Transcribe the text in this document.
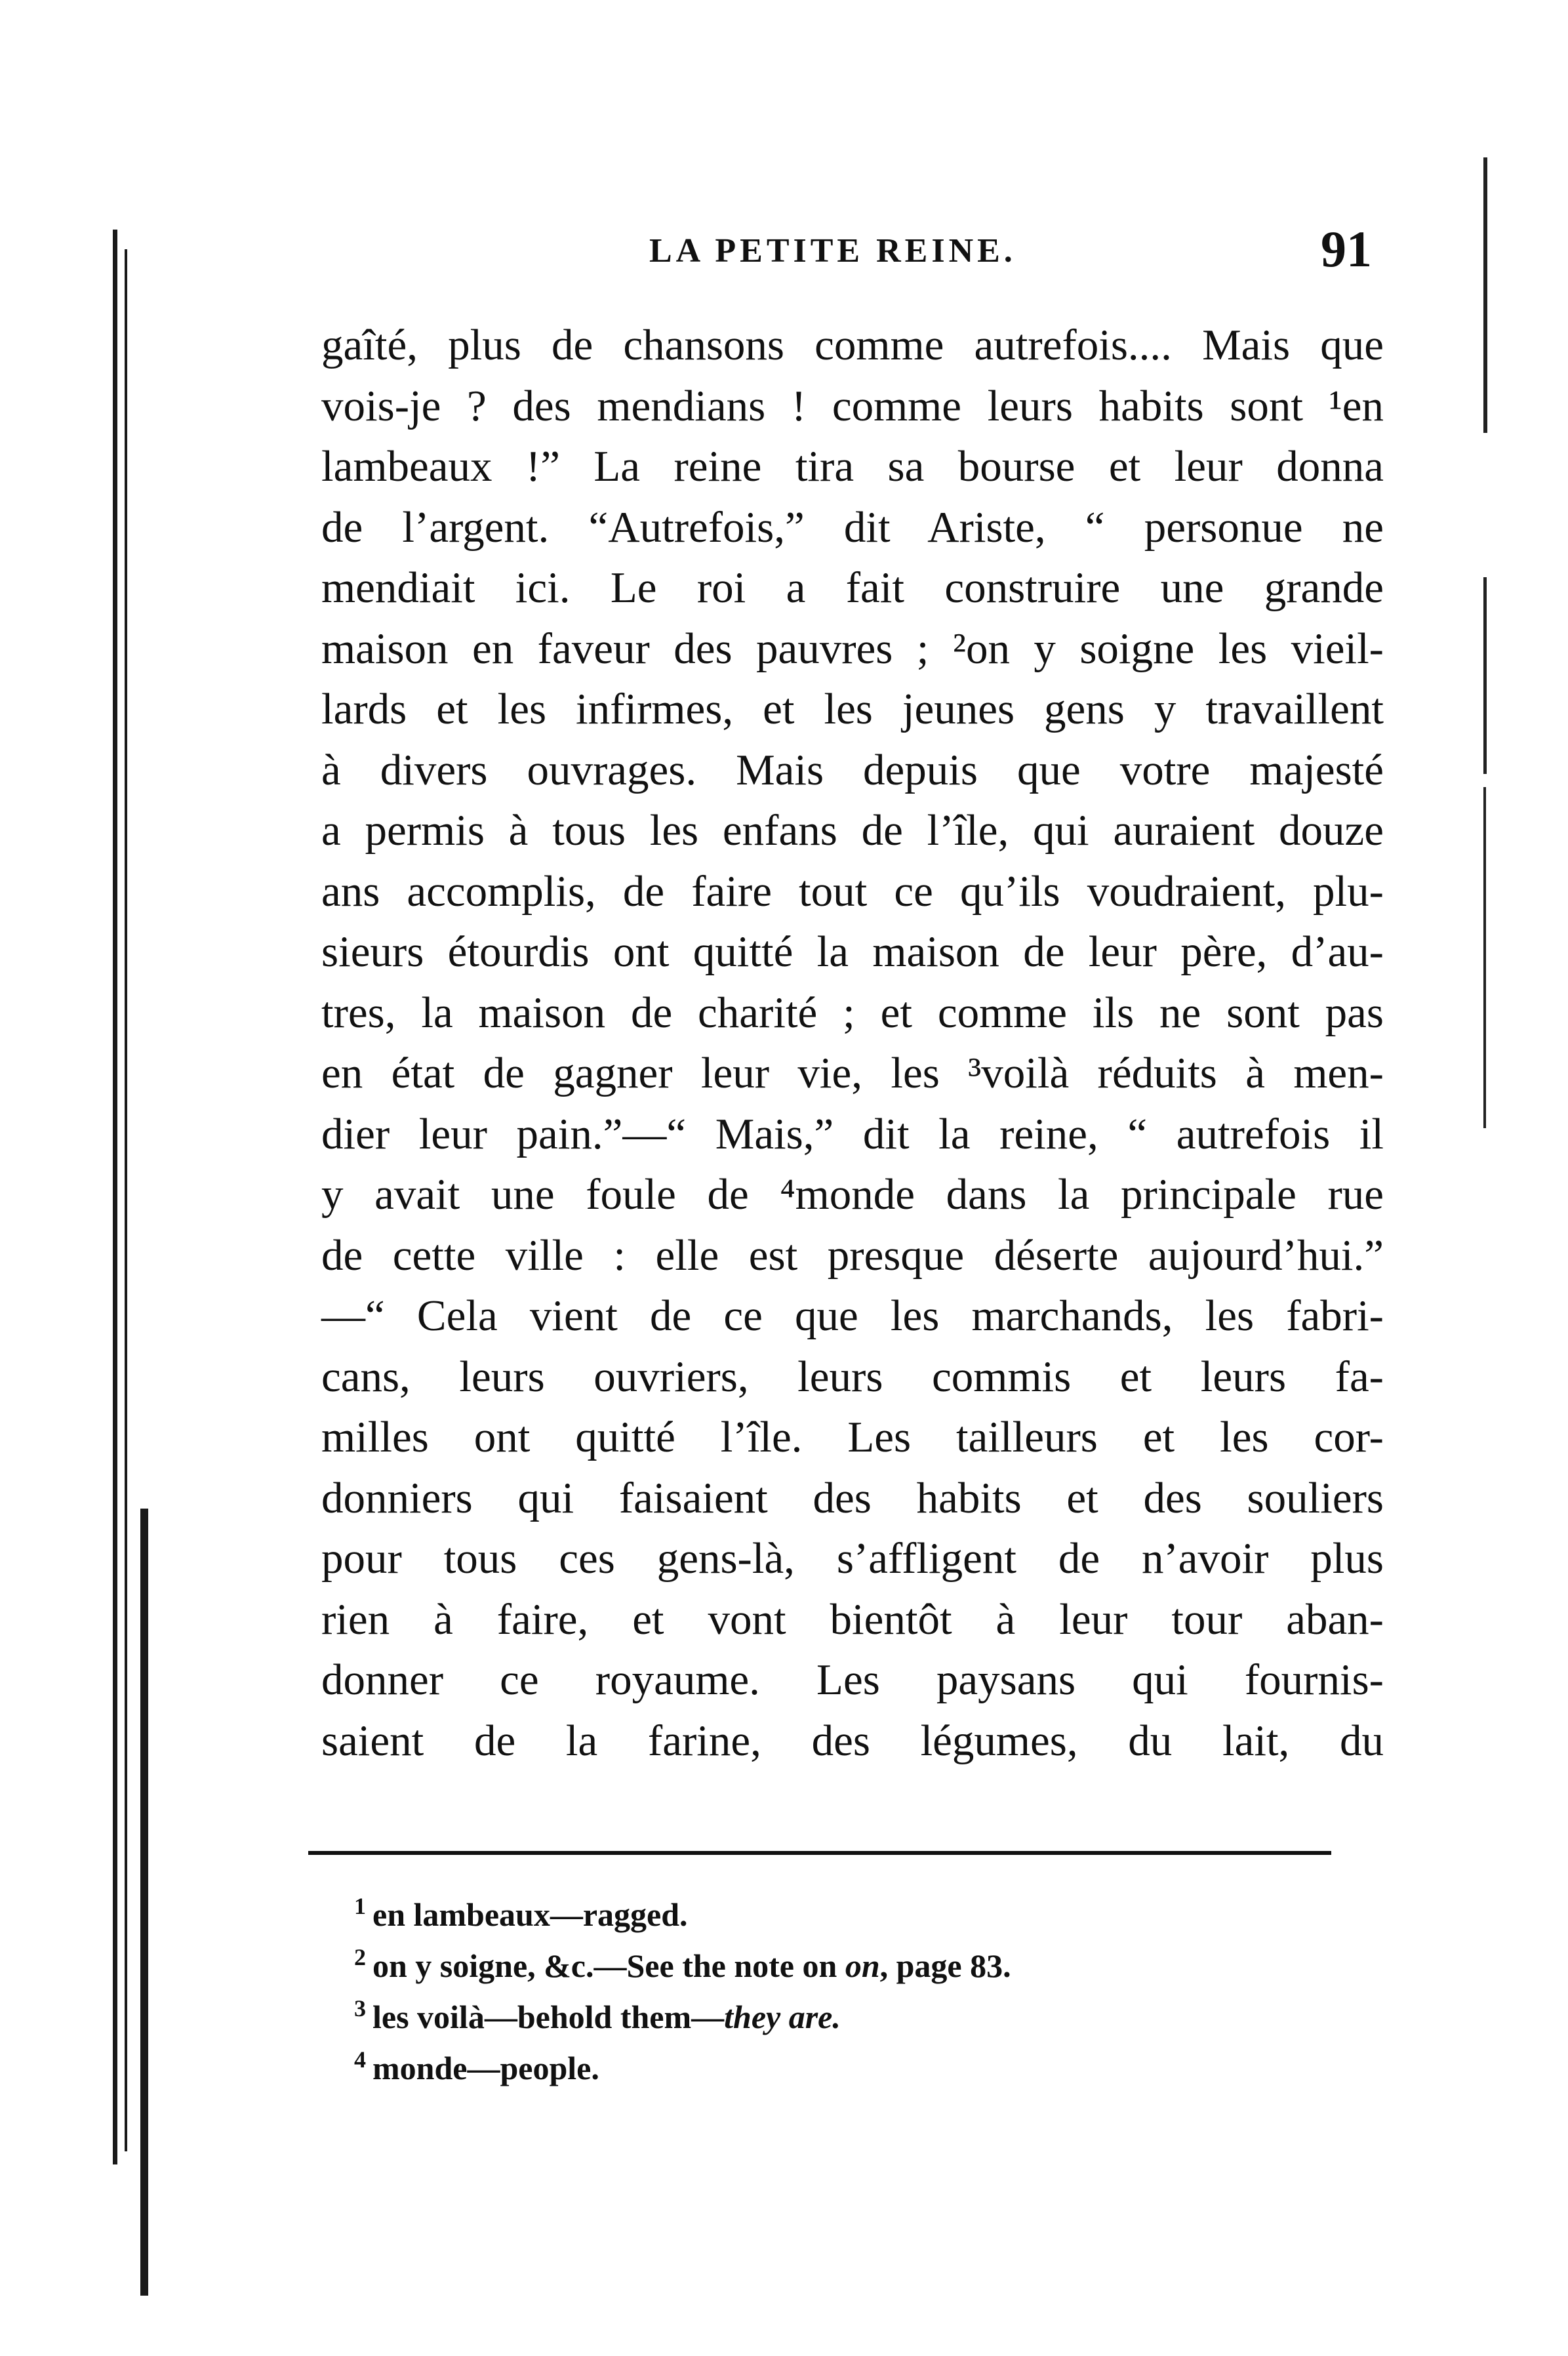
LA PETITE REINE.	91
gaîté, plus de chansons comme autrefois.... Mais que
vois-je ? des mendians ! comme leurs habits sont ¹en
lambeaux !” La reine tira sa bourse et leur donna
de l’argent. “Autrefois,” dit Ariste, “ personue ne
mendiait ici. Le roi a fait construire une grande
maison en faveur des pauvres ; ²on y soigne les vieil-
lards et les infirmes, et les jeunes gens y travaillent
à divers ouvrages. Mais depuis que votre majesté
a permis à tous les enfans de l’île, qui auraient douze
ans accomplis, de faire tout ce qu’ils voudraient, plu-
sieurs étourdis ont quitté la maison de leur père, d’au-
tres, la maison de charité ; et comme ils ne sont pas
en état de gagner leur vie, les ³voilà réduits à men-
dier leur pain.”—“ Mais,” dit la reine, “ autrefois il
y avait une foule de ⁴monde dans la principale rue
de cette ville : elle est presque déserte aujourd’hui.”
—“ Cela vient de ce que les marchands, les fabri-
cans, leurs ouvriers, leurs commis et leurs fa-
milles ont quitté l’île. Les tailleurs et les cor-
donniers qui faisaient des habits et des souliers
pour tous ces gens-là, s’affligent de n’avoir plus
rien à faire, et vont bientôt à leur tour aban-
donner ce royaume. Les paysans qui fournis-
saient de la farine, des légumes, du lait, du
$^1$ en lambeaux—ragged.
$^2$ on y soigne, &c.—See the note on on, page 83.
$^3$ les voilà—behold them—they are.
$^4$ monde—people.
